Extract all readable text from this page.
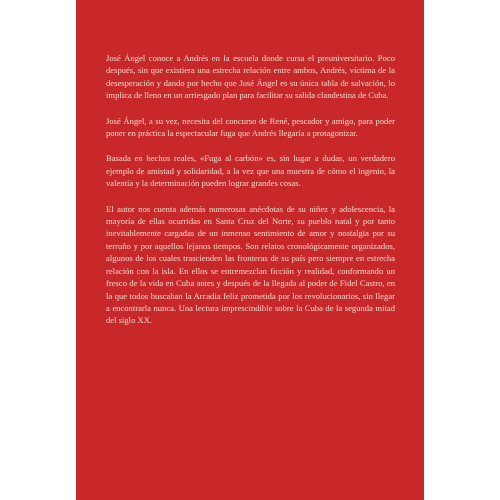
José Ángel conoce a Andrés en la escuela donde cursa el preuniversitario. Poco después, sin que existiera una estrecha relación entre ambos, Andrés, víctima de la desesperación y dando por hecho que José Ángel es su única tabla de salvación, lo implica de lleno en un arriesgado plan para facilitar su salida clandestina de Cuba.

José Ángel, a su vez, necesita del concurso de René, pescador y amigo, para poder poner en práctica la espectacular fuga que Andrés llegaría a protagonizar.

Basada en hechos reales, «Fuga al carbón» es, sin lugar a dudas, un verdadero ejemplo de amistad y solidaridad, a la vez que una muestra de cómo el ingenio, la valentía y la determinación pueden lograr grandes cosas.

El autor nos cuenta además numerosas anécdotas de su niñez y adolescencia, la mayoría de ellas ocurridas en Santa Cruz del Norte, su pueblo natal y por tanto inevitablemente cargadas de un inmenso sentimiento de amor y nostalgia por su terruño y por aquellos lejanos tiempos. Son relatos cronológicamente organizados, algunos de los cuales trascienden las fronteras de su país pero siempre en estrecha relación con la isla. En ellos se entremezclan ficción y realidad, conformando un fresco de la vida en Cuba antes y después de la llegada al poder de Fidel Castro, en la que todos buscaban la Arcadia feliz prometida por los revolucionarios, sin llegar a encontrarla nunca. Una lectura imprescindible sobre la Cuba de la segunda mitad del siglo XX.
